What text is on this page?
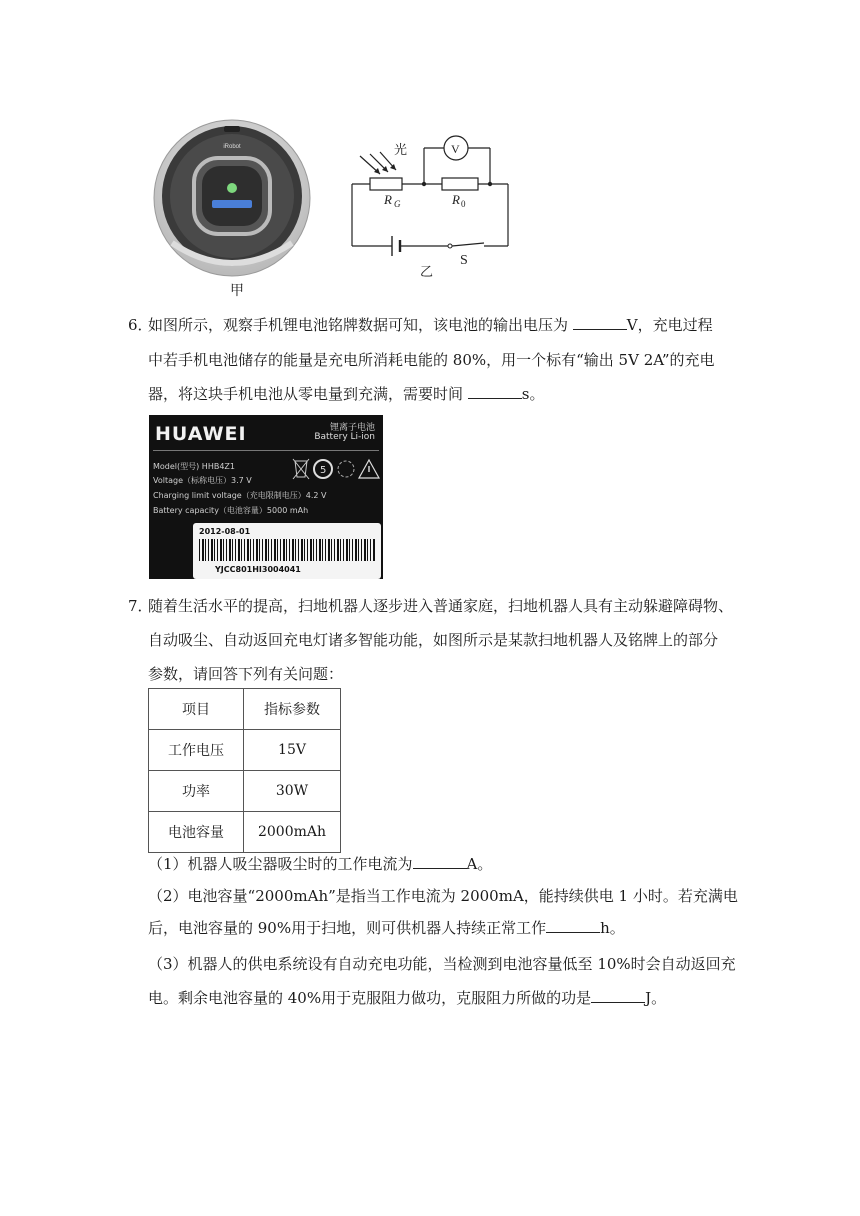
iRobot
甲
光	V
R G	R 0
S
乙
6．
如图所示，观察手机锂电池铭牌数据可知，该电池的输出电压为	V，充电过程
中若手机电池储存的能量是充电所消耗电能的 80%，用一个标有“输出 5V 2A”的充电
器，将这块手机电池从零电量到充满，需要时间	s。
HUAWEI	锂离子电池
Battery Li-ion
Model(型号) HHB4Z1
Voltage（标称电压）3.7 V
Charging limit voltage（充电限制电压）4.2 V
Battery capacity（电池容量）5000 mAh
5
2012-08-01
YJCC801HI3004041
7．
随着生活水平的提高，扫地机器人逐步进入普通家庭，扫地机器人具有主动躲避障碍物、
自动吸尘、自动返回充电灯诸多智能功能，如图所示是某款扫地机器人及铭牌上的部分
参数，请回答下列有关问题：
项目	指标参数
工作电压	15V
功率	30W
电池容量	2000mAh
（1）机器人吸尘器吸尘时的工作电流为	A。
（2）电池容量“2000mAh”是指当工作电流为 2000mA，能持续供电 1 小时。若充满电
后，电池容量的 90%用于扫地，则可供机器人持续正常工作	h。
（3）机器人的供电系统设有自动充电功能，当检测到电池容量低至 10%时会自动返回充
电。剩余电池容量的 40%用于克服阻力做功，克服阻力所做的功是	J。
